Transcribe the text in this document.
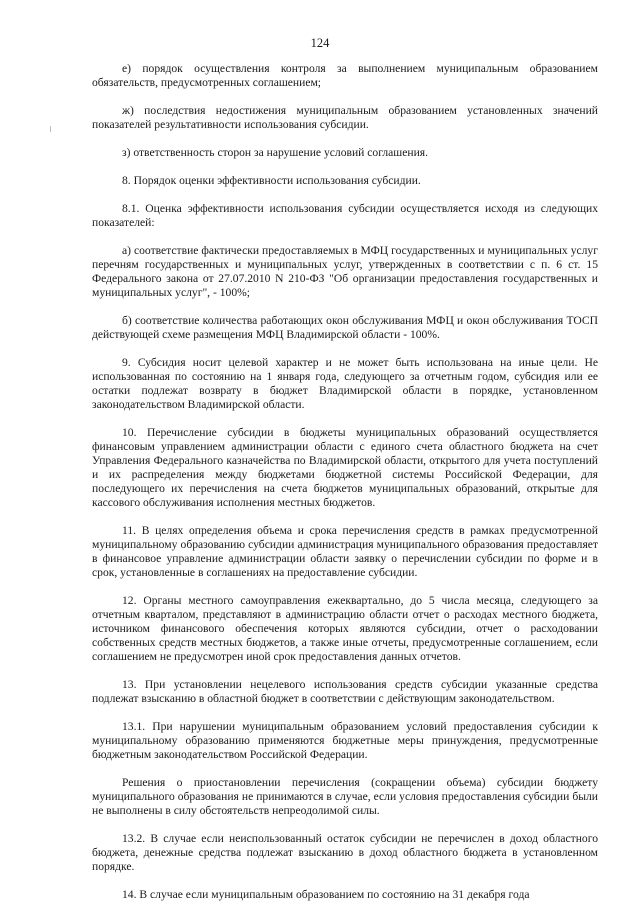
124

е) порядок осуществления контроля за выполнением муниципальным образованием обязательств, предусмотренных соглашением;

ж) последствия недостижения муниципальным образованием установленных значений показателей результативности использования субсидии.

з) ответственность сторон за нарушение условий соглашения.

8. Порядок оценки эффективности использования субсидии.

8.1. Оценка эффективности использования субсидии осуществляется исходя из следующих показателей:

а) соответствие фактически предоставляемых в МФЦ государственных и муниципальных услуг перечням государственных и муниципальных услуг, утвержденных в соответствии с п. 6 ст. 15 Федерального закона от 27.07.2010 N 210-ФЗ "Об организации предоставления государственных и муниципальных услуг", - 100%;

б) соответствие количества работающих окон обслуживания МФЦ и окон обслуживания ТОСП действующей схеме размещения МФЦ Владимирской области - 100%.

9. Субсидия носит целевой характер и не может быть использована на иные цели. Не использованная по состоянию на 1 января года, следующего за отчетным годом, субсидия или ее остатки подлежат возврату в бюджет Владимирской области в порядке, установленном законодательством Владимирской области.

10. Перечисление субсидии в бюджеты муниципальных образований осуществляется финансовым управлением администрации области с единого счета областного бюджета на счет Управления Федерального казначейства по Владимирской области, открытого для учета поступлений и их распределения между бюджетами бюджетной системы Российской Федерации, для последующего их перечисления на счета бюджетов муниципальных образований, открытые для кассового обслуживания исполнения местных бюджетов.

11. В целях определения объема и срока перечисления средств в рамках предусмотренной муниципальному образованию субсидии администрация муниципального образования предоставляет в финансовое управление администрации области заявку о перечислении субсидии по форме и в срок, установленные в соглашениях на предоставление субсидии.

12. Органы местного самоуправления ежеквартально, до 5 числа месяца, следующего за отчетным кварталом, представляют в администрацию области отчет о расходах местного бюджета, источником финансового обеспечения которых являются субсидии, отчет о расходовании собственных средств местных бюджетов, а также иные отчеты, предусмотренные соглашением, если соглашением не предусмотрен иной срок предоставления данных отчетов.

13. При установлении нецелевого использования средств субсидии указанные средства подлежат взысканию в областной бюджет в соответствии с действующим законодательством.

13.1. При нарушении муниципальным образованием условий предоставления субсидии к муниципальному образованию применяются бюджетные меры принуждения, предусмотренные бюджетным законодательством Российской Федерации.

Решения о приостановлении перечисления (сокращении объема) субсидии бюджету муниципального образования не принимаются в случае, если условия предоставления субсидии были не выполнены в силу обстоятельств непреодолимой силы.

13.2. В случае если неиспользованный остаток субсидии не перечислен в доход областного бюджета, денежные средства подлежат взысканию в доход областного бюджета в установленном порядке.

14. В случае если муниципальным образованием по состоянию на 31 декабря года
